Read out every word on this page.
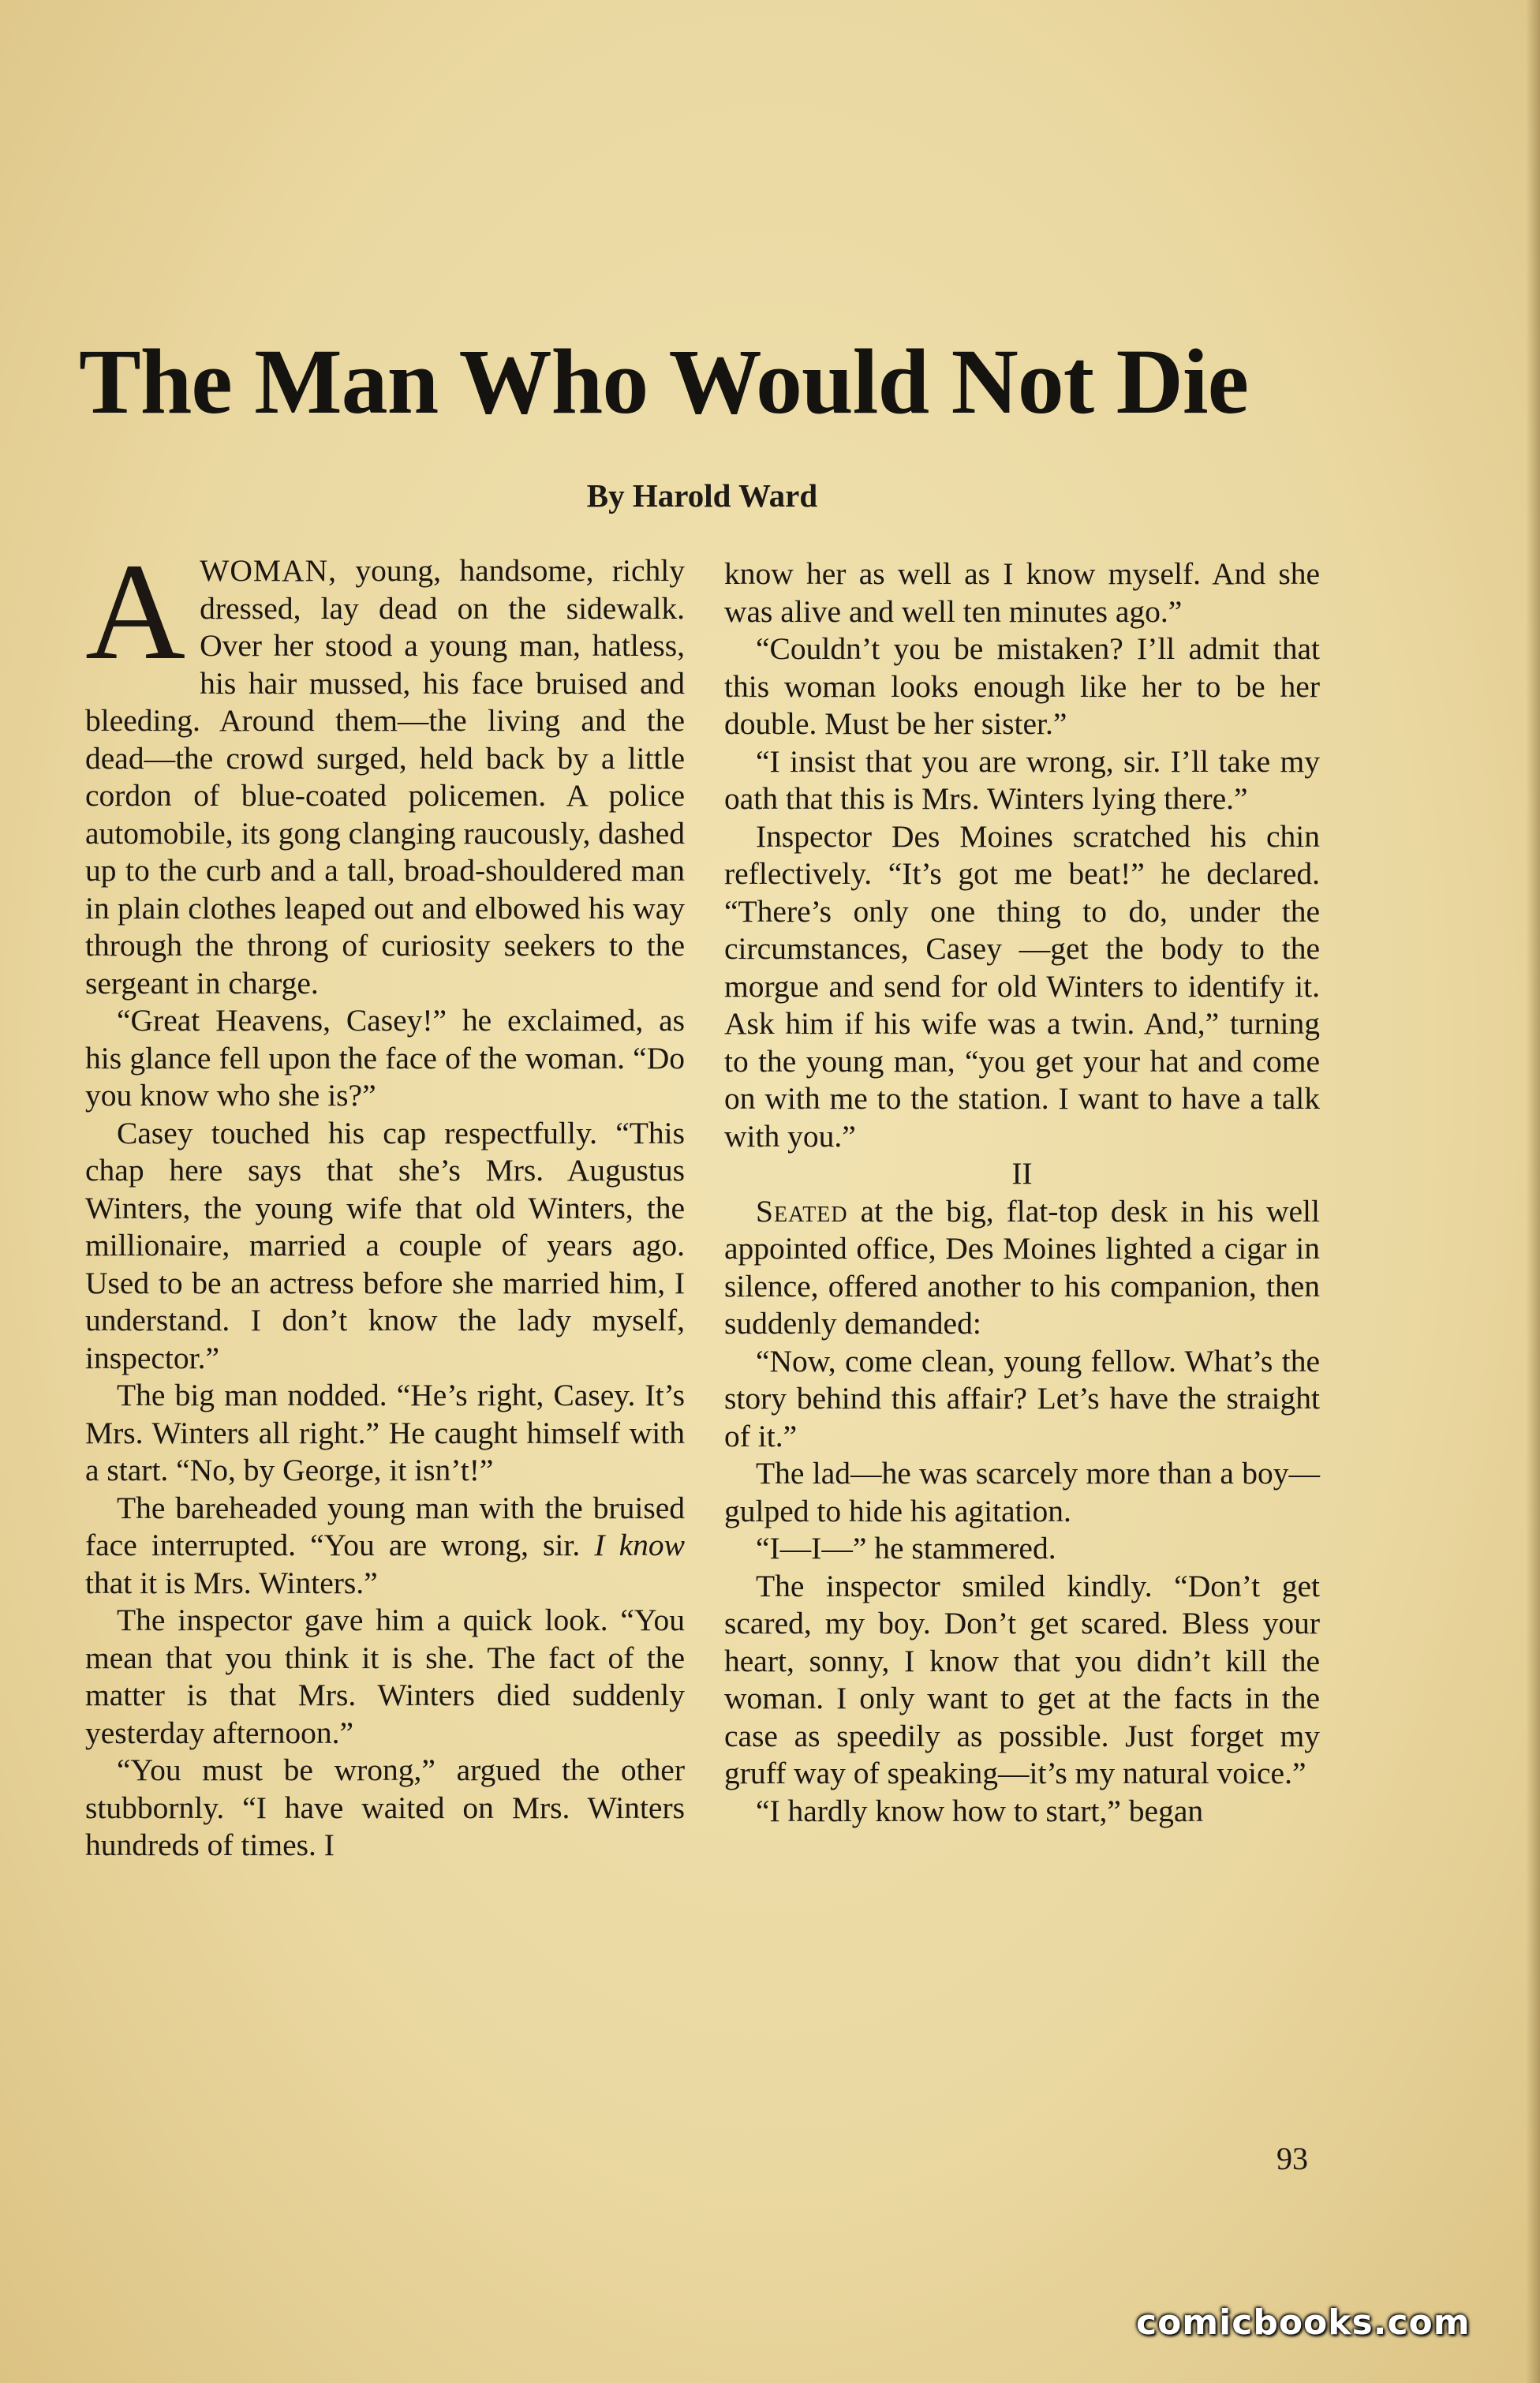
The Man Who Would Not Die
By Harold Ward

AWOMAN, young, handsome, richly dressed, lay dead on the sidewalk. Over her stood a young man, hatless, his hair mussed, his face bruised and bleeding. Around them—the living and the dead—the crowd surged, held back by a little cordon of blue-coated policemen. A police automobile, its gong clanging raucously, dashed up to the curb and a tall, broad-shouldered man in plain clothes leaped out and elbowed his way through the throng of curiosity seekers to the sergeant in charge.

“Great Heavens, Casey!” he exclaimed, as his glance fell upon the face of the woman. “Do you know who she is?”

Casey touched his cap respectfully. “This chap here says that she’s Mrs. Augustus Winters, the young wife that old Winters, the millionaire, married a couple of years ago. Used to be an actress before she married him, I understand. I don’t know the lady myself, inspector.”

The big man nodded. “He’s right, Casey. It’s Mrs. Winters all right.” He caught himself with a start. “No, by George, it isn’t!”

The bareheaded young man with the bruised face interrupted. “You are wrong, sir. I know that it is Mrs. Winters.”

The inspector gave him a quick look. “You mean that you think it is she. The fact of the matter is that Mrs. Winters died suddenly yesterday afternoon.”

“You must be wrong,” argued the other stubbornly. “I have waited on Mrs. Winters hundreds of times. I

know her as well as I know myself. And she was alive and well ten minutes ago.”

“Couldn’t you be mistaken? I’ll admit that this woman looks enough like her to be her double. Must be her sister.”

“I insist that you are wrong, sir. I’ll take my oath that this is Mrs. Winters lying there.”

Inspector Des Moines scratched his chin reflectively. “It’s got me beat!” he declared. “There’s only one thing to do, under the circumstances, Casey —get the body to the morgue and send for old Winters to identify it. Ask him if his wife was a twin. And,” turning to the young man, “you get your hat and come on with me to the station. I want to have a talk with you.”

II

Seated at the big, flat-top desk in his well appointed office, Des Moines lighted a cigar in silence, offered another to his companion, then suddenly demanded:

“Now, come clean, young fellow. What’s the story behind this affair? Let’s have the straight of it.”

The lad—he was scarcely more than a boy—gulped to hide his agitation.

“I—I—” he stammered.

The inspector smiled kindly. “Don’t get scared, my boy. Don’t get scared. Bless your heart, sonny, I know that you didn’t kill the woman. I only want to get at the facts in the case as speedily as possible. Just forget my gruff way of speaking—it’s my natural voice.”

“I hardly know how to start,” began

93
comicbooks.com
